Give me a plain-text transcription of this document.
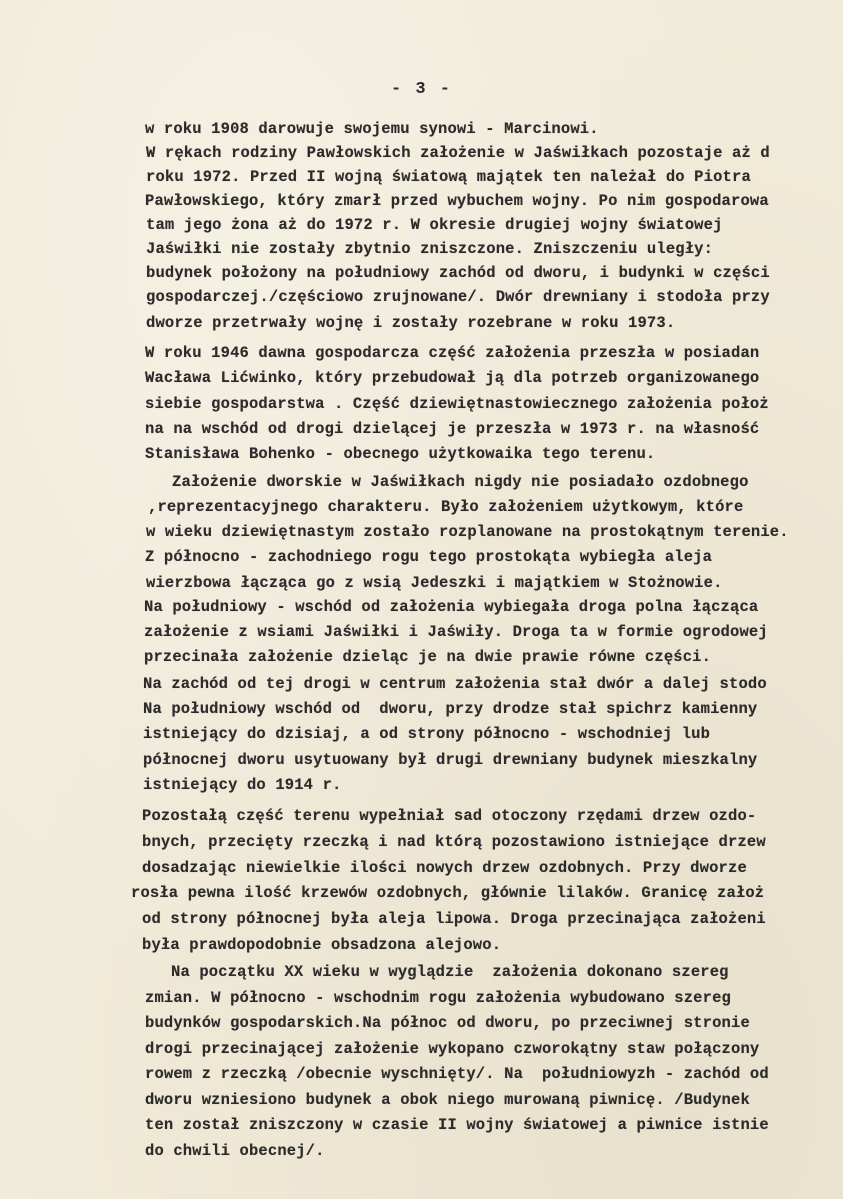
- 3 -
w roku 1908 darowuje swojemu synowi - Marcinowi.
W rękach rodziny Pawłowskich założenie w Jaświłkach pozostaje aż d
roku 1972. Przed II wojną światową majątek ten należał do Piotra
Pawłowskiego, który zmarł przed wybuchem wojny. Po nim gospodarowa
tam jego żona aż do 1972 r. W okresie drugiej wojny światowej
Jaświłki nie zostały zbytnio zniszczone. Zniszczeniu uległy:
budynek położony na południowy zachód od dworu, i budynki w części
gospodarczej./częściowo zrujnowane/. Dwór drewniany i stodoła przy
dworze przetrwały wojnę i zostały rozebrane w roku 1973.
W roku 1946 dawna gospodarcza część założenia przeszła w posiadan
Wacława Lićwinko, który przebudował ją dla potrzeb organizowanego
siebie gospodarstwa . Część dziewiętnastowiecznego założenia położ
na na wschód od drogi dzielącej je przeszła w 1973 r. na własność
Stanisława Bohenko - obecnego użytkowaika tego terenu.
Założenie dworskie w Jaświłkach nigdy nie posiadało ozdobnego
,reprezentacyjnego charakteru. Było założeniem użytkowym, które
w wieku dziewiętnastym zostało rozplanowane na prostokątnym terenie.
Z północno - zachodniego rogu tego prostokąta wybiegła aleja
wierzbowa łącząca go z wsią Jedeszki i majątkiem w Stożnowie.
Na południowy - wschód od założenia wybiegała droga polna łącząca
założenie z wsiami Jaświłki i Jaświły. Droga ta w formie ogrodowej
przecinała założenie dzieląc je na dwie prawie równe części.
Na zachód od tej drogi w centrum założenia stał dwór a dalej stodo
Na południowy wschód od  dworu, przy drodze stał spichrz kamienny
istniejący do dzisiaj, a od strony północno - wschodniej lub
północnej dworu usytuowany był drugi drewniany budynek mieszkalny
istniejący do 1914 r.
Pozostałą część terenu wypełniał sad otoczony rzędami drzew ozdo-
bnych, przecięty rzeczką i nad którą pozostawiono istniejące drzew
dosadzając niewielkie ilości nowych drzew ozdobnych. Przy dworze
rosła pewna ilość krzewów ozdobnych, głównie lilaków. Granicę założ
od strony północnej była aleja lipowa. Droga przecinająca założeni
była prawdopodobnie obsadzona alejowo.
Na początku XX wieku w wyglądzie  założenia dokonano szereg
zmian. W północno - wschodnim rogu założenia wybudowano szereg
budynków gospodarskich.Na północ od dworu, po przeciwnej stronie
drogi przecinającej założenie wykopano czworokątny staw połączony
rowem z rzeczką /obecnie wyschnięty/. Na  południowyzh - zachód od
dworu wzniesiono budynek a obok niego murowaną piwnicę. /Budynek
ten został zniszczony w czasie II wojny światowej a piwnice istnie
do chwili obecnej/.
